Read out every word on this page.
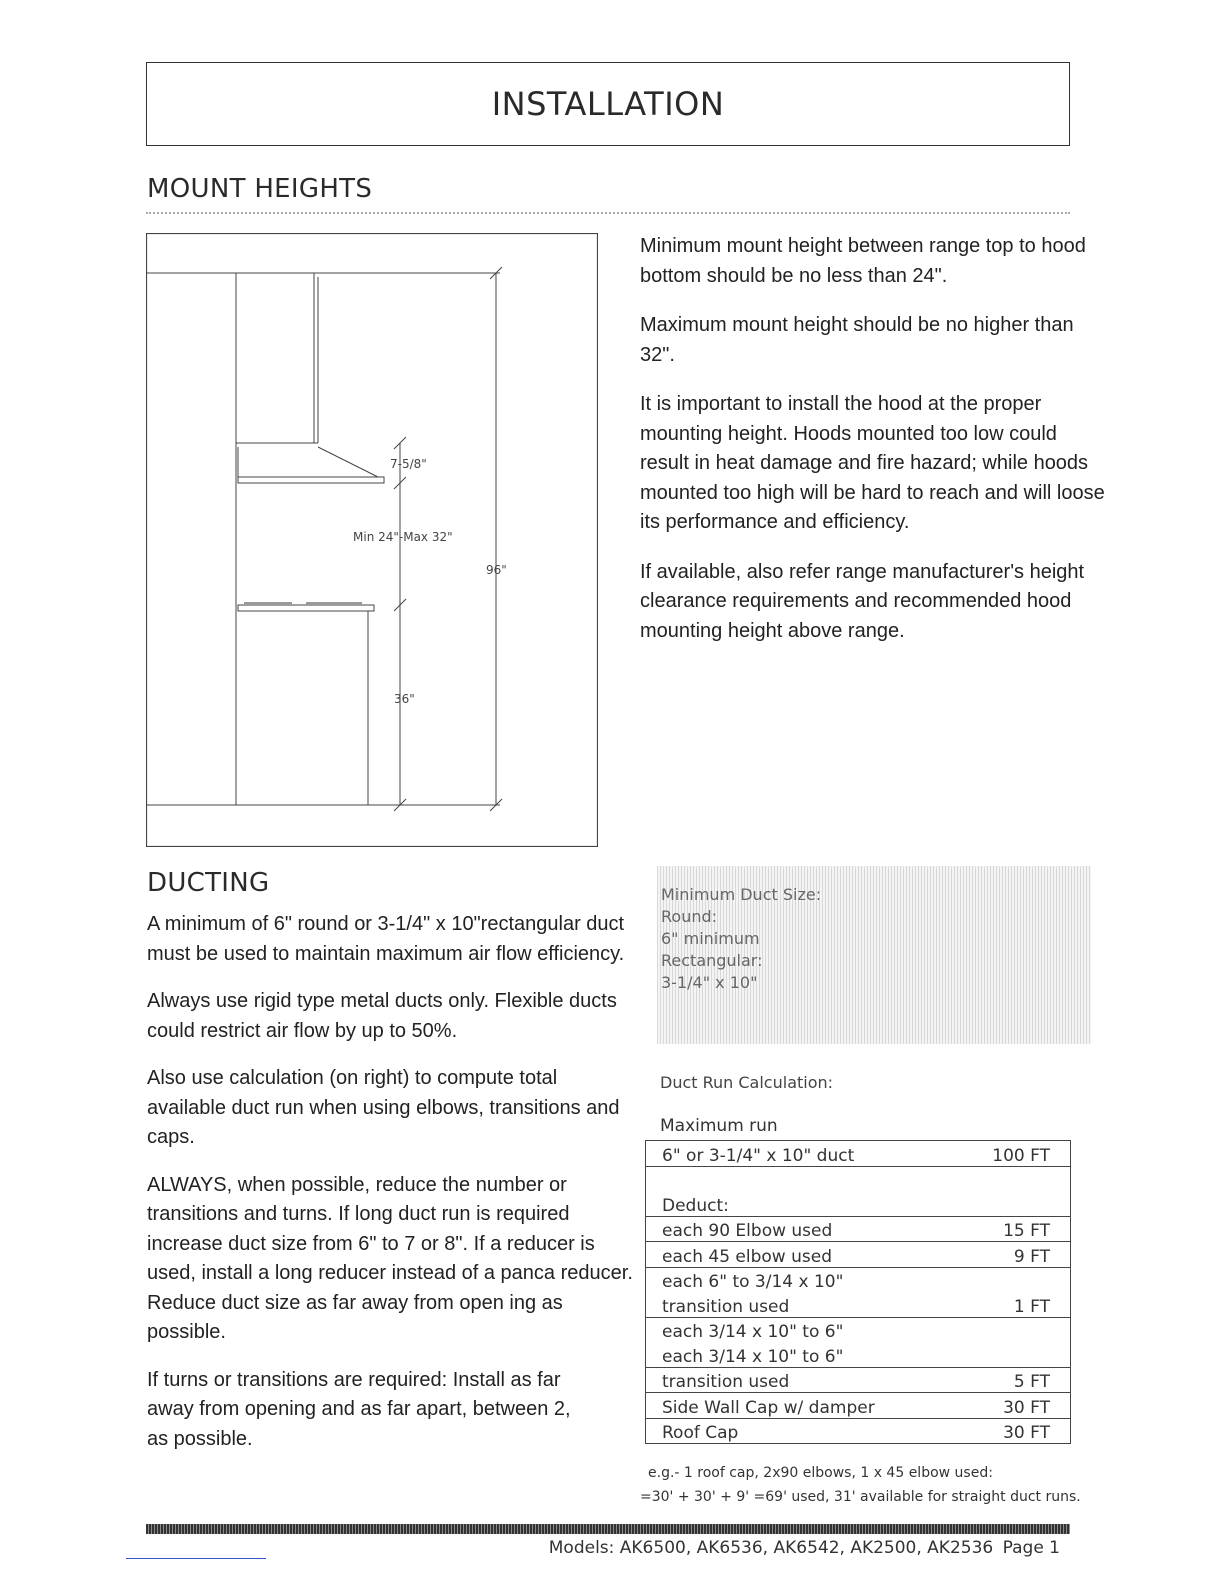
INSTALLATION
MOUNT HEIGHTS
7-5/8"
Min 24"-Max 32"
96"
36"

Minimum mount height between range top to hood bottom should be no less than 24".

Maximum mount height should be no higher than 32".

It is important to install the hood at the proper mounting height. Hoods mounted too low could result in heat damage and fire hazard; while hoods mounted too high will be hard to reach and will loose its performance and efficiency.

If available, also refer range manufacturer's height clearance requirements and recommended hood mounting height above range.

DUCTING

A minimum of 6" round or 3-1/4" x 10"rectangular duct must be used to maintain maximum air flow efficiency.

Always use rigid type metal ducts only. Flexible ducts could restrict air flow by up to 50%.

Also use calculation (on right) to compute total available duct run when using elbows, transitions and caps.

ALWAYS, when possible, reduce the number or transitions and turns. If long duct run is required increase duct size from 6" to 7 or 8". If a reducer is used, install a long reducer instead of a panca reducer. Reduce duct size as far away from open ing as possible.

If turns or transitions are required: Install as far away from opening and as far apart, between 2, as possible.

Minimum Duct Size:
Round:
6" minimum
Rectangular:
3-1/4" x 10"
Duct Run Calculation:
Maximum run
6" or 3-1/4" x 10" duct	100 FT

Deduct:	
each 90 Elbow used	15 FT
each 45 elbow used	9 FT
each 6" to 3/14 x 10"	
transition used	1 FT
each 3/14 x 10" to 6"	
each 3/14 x 10" to 6"	
transition used	5 FT
Side Wall Cap w/ damper	30 FT
Roof Cap	30 FT
e.g.- 1 roof cap, 2x90 elbows, 1 x 45 elbow used:
=30' + 30' + 9' =69' used, 31' available for straight duct runs.
Models: AK6500, AK6536, AK6542, AK2500, AK2536 Page 1
